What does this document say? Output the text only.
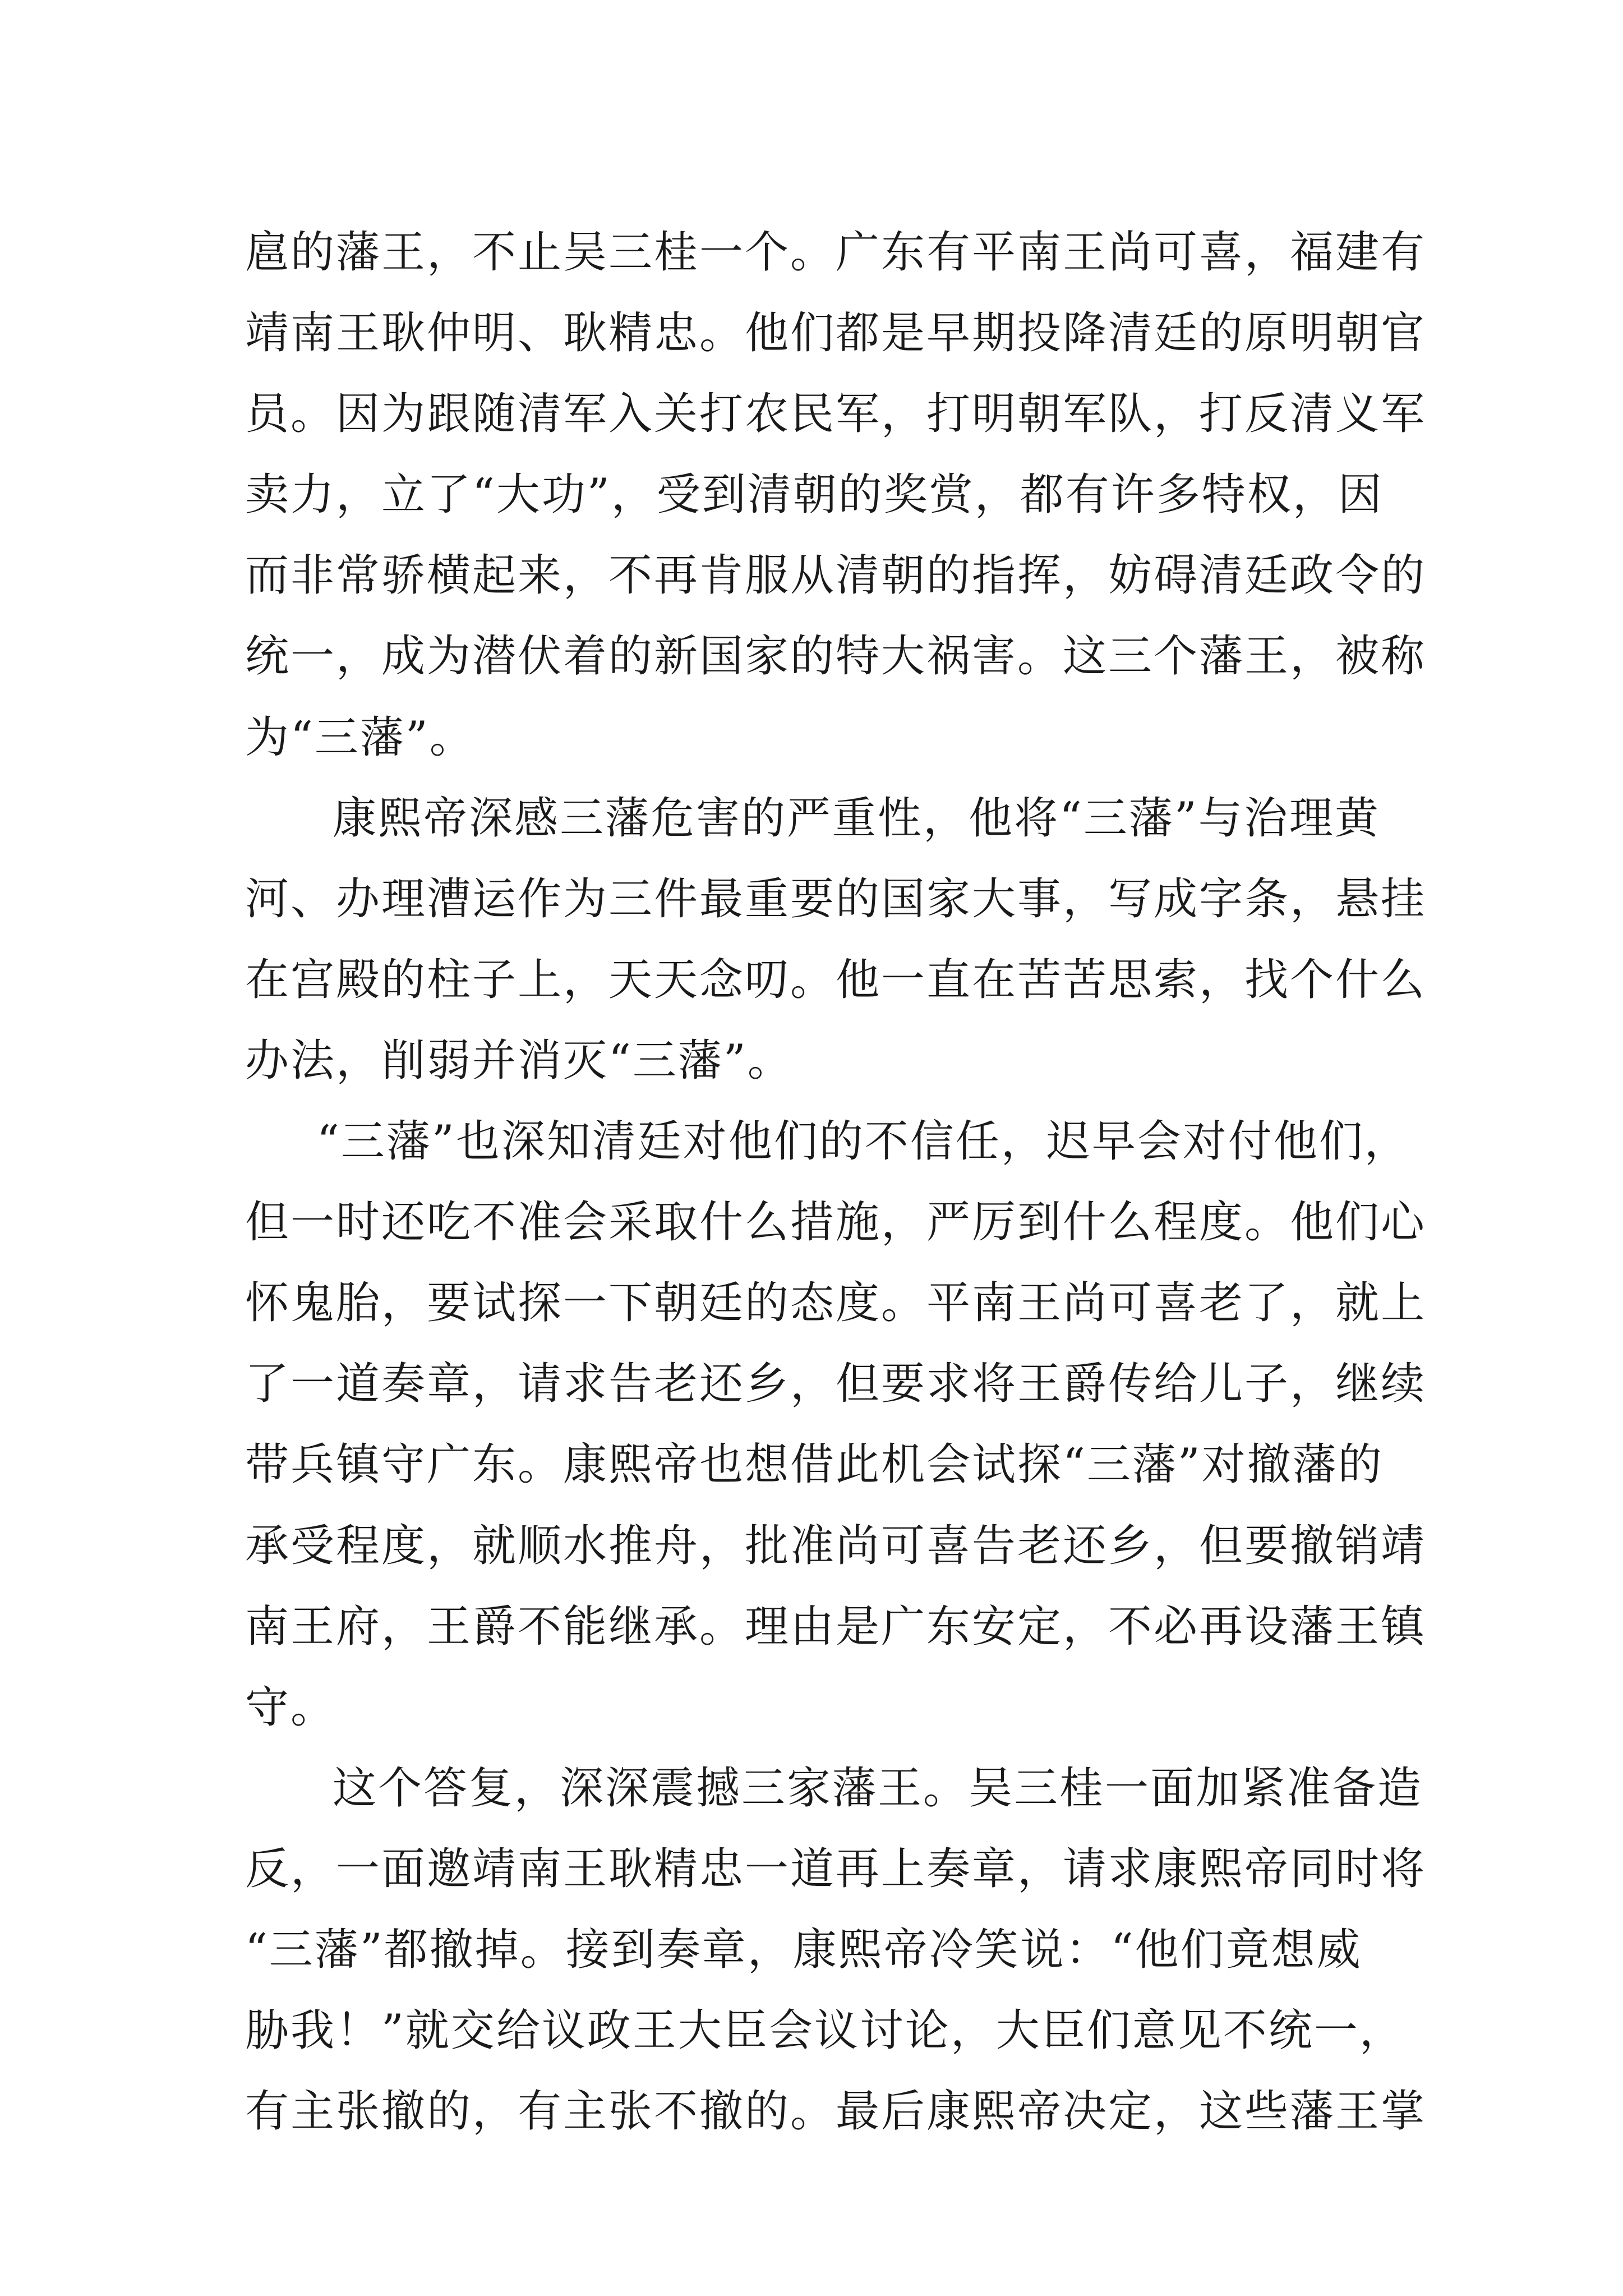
扈的藩王，不止吴三桂一个。广东有平南王尚可喜，福建有
靖南王耿仲明、耿精忠。他们都是早期投降清廷的原明朝官
员。因为跟随清军入关打农民军，打明朝军队，打反清义军
卖力，立了“大功”，受到清朝的奖赏，都有许多特权，因
而非常骄横起来，不再肯服从清朝的指挥，妨碍清廷政令的
统一，成为潜伏着的新国家的特大祸害。这三个藩王，被称
为“三藩”。
康熙帝深感三藩危害的严重性，他将“三藩”与治理黄
河、办理漕运作为三件最重要的国家大事，写成字条，悬挂
在宫殿的柱子上，天天念叨。他一直在苦苦思索，找个什么
办法，削弱并消灭“三藩”。
“三藩”也深知清廷对他们的不信任，迟早会对付他们，
但一时还吃不准会采取什么措施，严厉到什么程度。他们心
怀鬼胎，要试探一下朝廷的态度。平南王尚可喜老了，就上
了一道奏章，请求告老还乡，但要求将王爵传给儿子，继续
带兵镇守广东。康熙帝也想借此机会试探“三藩”对撤藩的
承受程度，就顺水推舟，批准尚可喜告老还乡，但要撤销靖
南王府，王爵不能继承。理由是广东安定，不必再设藩王镇
守。
这个答复，深深震撼三家藩王。吴三桂一面加紧准备造
反，一面邀靖南王耿精忠一道再上奏章，请求康熙帝同时将
“三藩”都撤掉。接到奏章，康熙帝冷笑说：“他们竟想威
胁我！”就交给议政王大臣会议讨论，大臣们意见不统一，
有主张撤的，有主张不撤的。最后康熙帝决定，这些藩王掌
